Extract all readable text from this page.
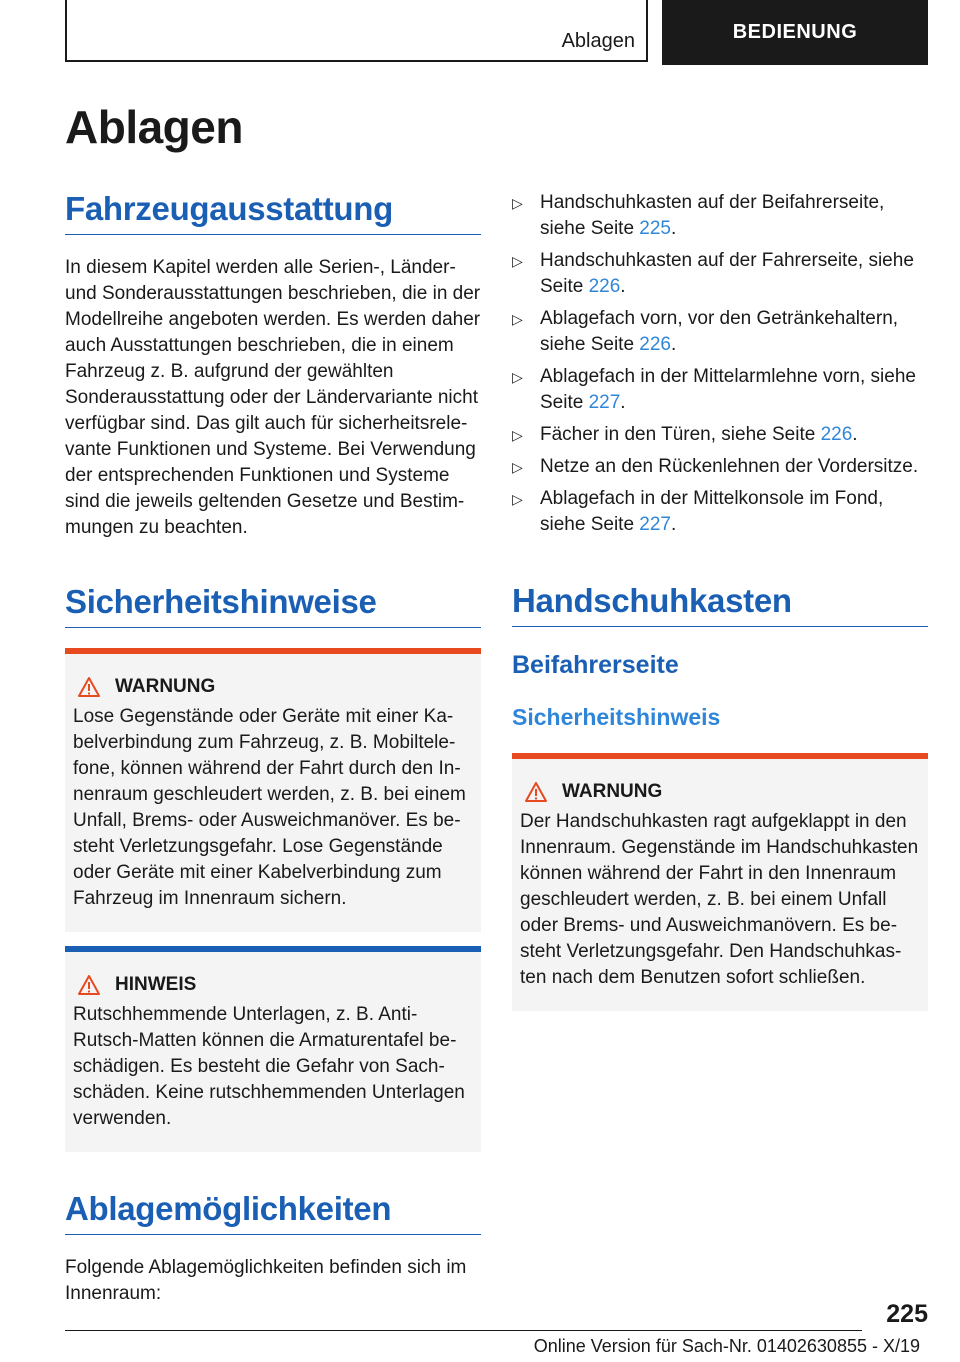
Ablagen	BEDIENUNG
Ablagen
Fahrzeugausstattung

In diesem Kapitel werden alle Serien-, Länder- und Sonderausstattungen beschrieben, die in der Modellreihe angeboten werden. Es werden daher auch Ausstattungen beschrieben, die in einem Fahrzeug z. B. aufgrund der gewählten Sonderausstattung oder der Ländervariante nicht verfügbar sind. Das gilt auch für sicherheitsrelevante Funktionen und Systeme. Bei Verwendung der entsprechenden Funktionen und Systeme sind die jeweils geltenden Gesetze und Bestimmungen zu beachten.

Sicherheitshinweise
WARNUNG

Lose Gegenstände oder Geräte mit einer Kabelverbindung zum Fahrzeug, z. B. Mobiltelefone, können während der Fahrt durch den Innenraum geschleudert werden, z. B. bei einem Unfall, Brems- oder Ausweichmanöver. Es besteht Verletzungsgefahr. Lose Gegenstände oder Geräte mit einer Kabelverbindung zum Fahrzeug im Innenraum sichern.

HINWEIS

Rutschhemmende Unterlagen, z. B. Anti-Rutsch-Matten können die Armaturentafel beschädigen. Es besteht die Gefahr von Sachschäden. Keine rutschhemmenden Unterlagen verwenden.

Ablagemöglichkeiten

Folgende Ablagemöglichkeiten befinden sich im Innenraum:

▷ Handschuhkasten auf der Beifahrerseite, siehe Seite 225.
▷ Handschuhkasten auf der Fahrerseite, siehe Seite 226.
▷ Ablagefach vorn, vor den Getränkehaltern, siehe Seite 226.
▷ Ablagefach in der Mittelarmlehne vorn, siehe Seite 227.
▷ Fächer in den Türen, siehe Seite 226.
▷ Netze an den Rückenlehnen der Vordersitze.
▷ Ablagefach in der Mittelkonsole im Fond, siehe Seite 227.
Handschuhkasten
Beifahrerseite
Sicherheitshinweis
WARNUNG

Der Handschuhkasten ragt aufgeklappt in den Innenraum. Gegenstände im Handschuhkasten können während der Fahrt in den Innenraum geschleudert werden, z. B. bei einem Unfall oder Brems- und Ausweichmanövern. Es besteht Verletzungsgefahr. Den Handschuhkasten nach dem Benutzen sofort schließen.

225
Online Version für Sach-Nr. 01402630855 - X/19
